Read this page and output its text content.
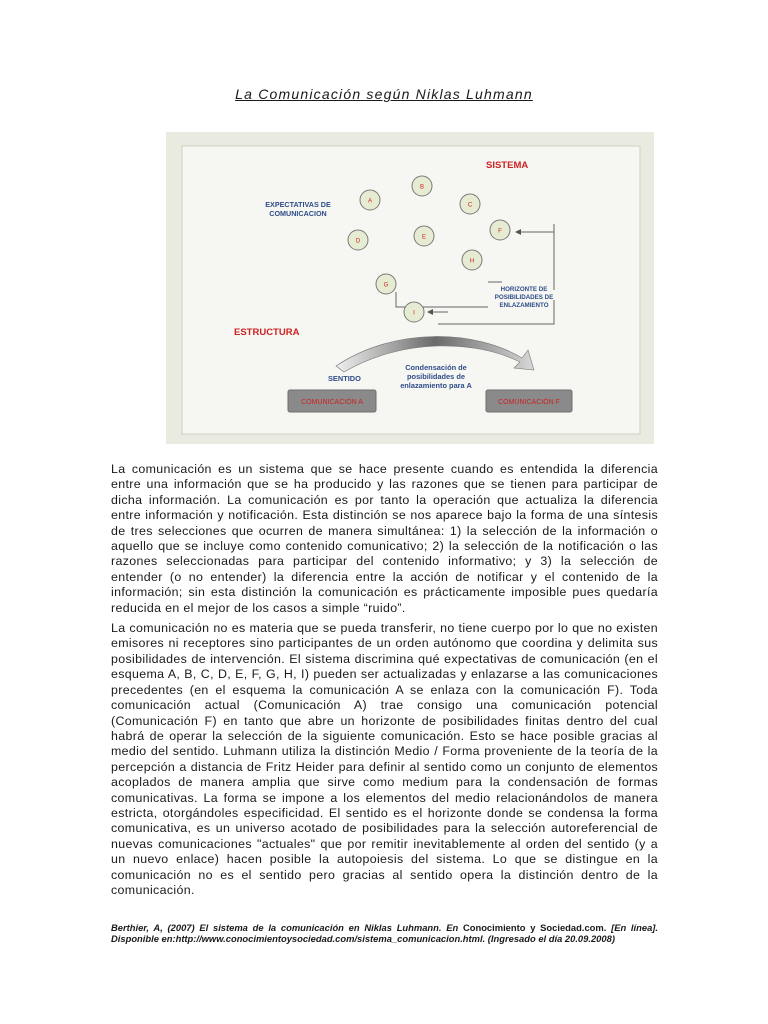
La Comunicación según Niklas Luhmann
A
B
C
D
E
F
H
G
I
SISTEMA
EXPECTATIVAS DE
COMUNICACION
HORIZONTE DE
POSIBILIDADES DE
ENLAZAMIENTO
ESTRUCTURA
Condensación de
posibilidades de
enlazamiento para A
SENTIDO
COMUNICACIÓN A	COMUNICACIÓN F

La comunicación es un sistema que se hace presente cuando es entendida la diferencia entre una información que se ha producido y las razones que se tienen para participar de dicha información. La comunicación es por tanto la operación que actualiza la diferencia entre información y notificación. Esta distinción se nos aparece bajo la forma de una síntesis de tres selecciones que ocurren de manera simultánea: 1) la selección de la información o aquello que se incluye como contenido comunicativo; 2) la selección de la notificación o las razones seleccionadas para participar del contenido informativo; y 3) la selección de entender (o no entender) la diferencia entre la acción de notificar y el contenido de la información; sin esta distinción la comunicación es prácticamente imposible pues quedaría reducida en el mejor de los casos a simple “ruido”.

La comunicación no es materia que se pueda transferir, no tiene cuerpo por lo que no existen emisores ni receptores sino participantes de un orden autónomo que coordina y delimita sus posibilidades de intervención. El sistema discrimina qué expectativas de comunicación (en el esquema A, B, C, D, E, F, G, H, I) pueden ser actualizadas y enlazarse a las comunicaciones precedentes (en el esquema la comunicación A se enlaza con la comunicación F). Toda comunicación actual (Comunicación A) trae consigo una comunicación potencial (Comunicación F) en tanto que abre un horizonte de posibilidades finitas dentro del cual habrá de operar la selección de la siguiente comunicación. Esto se hace posible gracias al medio del sentido. Luhmann utiliza la distinción Medio / Forma proveniente de la teoría de la percepción a distancia de Fritz Heider para definir al sentido como un conjunto de elementos acoplados de manera amplia que sirve como medium para la condensación de formas comunicativas. La forma se impone a los elementos del medio relacionándolos de manera estricta, otorgándoles especificidad. El sentido es el horizonte donde se condensa la forma comunicativa, es un universo acotado de posibilidades para la selección autoreferencial de nuevas comunicaciones "actuales" que por remitir inevitablemente al orden del sentido (y a un nuevo enlace) hacen posible la autopoiesis del sistema. Lo que se distingue en la comunicación no es el sentido pero gracias al sentido opera la distinción dentro de la comunicación.

Berthier, A, (2007) El sistema de la comunicación en Niklas Luhmann. En Conocimiento y Sociedad.com. [En línea]. Disponible en:http://www.conocimientoysociedad.com/sistema_comunicacion.html. (Ingresado el día 20.09.2008)
